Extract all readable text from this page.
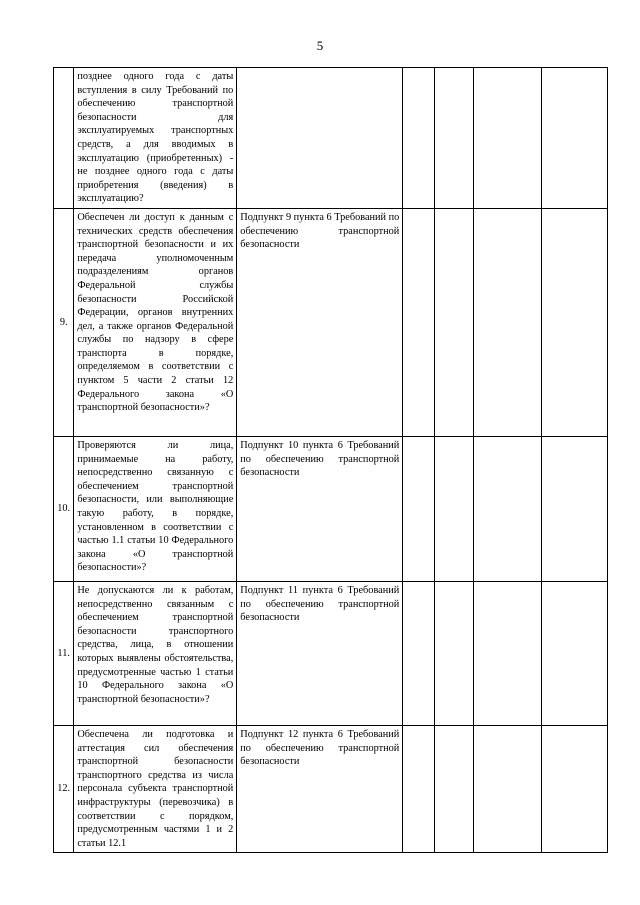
5

	позднее одного года с даты вступления в силу Требований по обеспечению транспортной безопасности для эксплуатируемых транспортных средств, а для вводимых в эксплуатацию (приобретенных) - не позднее одного года с даты приобретения (введения) в эксплуатацию?					

9.	Обеспечен ли доступ к данным с технических средств обеспечения транспортной безопасности и их передача уполномоченным подразделениям органов Федеральной службы безопасности Российской Федерации, органов внутренних дел, а также органов Федеральной службы по надзору в сфере транспорта в порядке, определяемом в соответствии с пунктом 5 части 2 статьи 12 Федерального закона «О транспортной безопасности»?	Подпункт 9 пункта 6 Требований по обеспечению транспортной безопасности				

10.	Проверяются ли лица, принимаемые на работу, непосредственно связанную с обеспечением транспортной безопасности, или выполняющие такую работу, в порядке, установленном в соответствии с частью 1.1 статьи 10 Федерального закона «О транспортной безопасности»?	Подпункт 10 пункта 6 Требований по обеспечению транспортной безопасности				

11.	Не допускаются ли к работам, непосредственно связанным с обеспечением транспортной безопасности транспортного средства, лица, в отношении которых выявлены обстоятельства, предусмотренные частью 1 статьи 10 Федерального закона «О транспортной безопасности»?	Подпункт 11 пункта 6 Требований по обеспечению транспортной безопасности				

12.	Обеспечена ли подготовка и аттестация сил обеспечения транспортной безопасности транспортного средства из числа персонала субъекта транспортной инфраструктуры (перевозчика) в соответствии с порядком, предусмотренным частями 1 и 2 статьи 12.1	Подпункт 12 пункта 6 Требований по обеспечению транспортной безопасности				
